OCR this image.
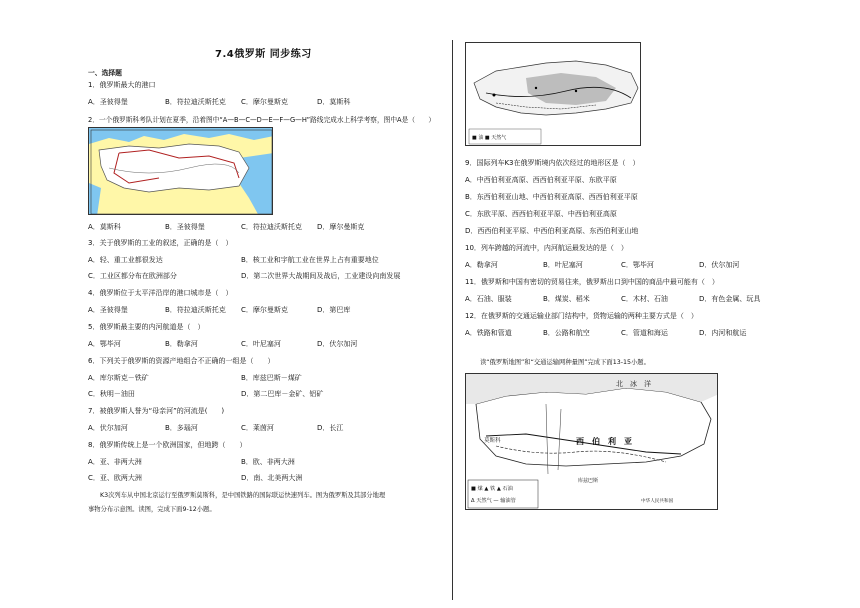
7.4俄罗斯 同步练习
一、选择题
1．俄罗斯最大的港口
A．圣彼得堡	B．符拉迪沃斯托克 C．摩尔曼斯克	D．莫斯科
2．一个俄罗斯科考队计划在夏季，沿着图中“A—B—C—D—E—F—G—H”路线完成水上科学考察，图中A是（　　）
A．莫斯科	B．圣彼得堡	C．符拉迪沃斯托克 D．摩尔曼斯克
3．关于俄罗斯的工业的叙述，正确的是（　）
A．轻、重工业都很发达	B．核工业和宇航工业在世界上占有重要地位
C．工业区都分布在欧洲部分	D．第二次世界大战期间及战后，工业建设向南发展
4．俄罗斯位于太平洋沿岸的港口城市是（　）
A．圣彼得堡	B．符拉迪沃斯托克 C．摩尔曼斯克	D．第巴库
5．俄罗斯最主要的内河航道是（　）
A．鄂毕河	B．勒拿河	C．叶尼塞河	D．伏尔加河
6．下列关于俄罗斯的资源产地组合不正确的一组是（　　）
A．库尔斯克－铁矿	B．库兹巴斯－煤矿
C．秋明－油田	D．第二巴库－金矿、铝矿
7．被俄罗斯人誉为“母亲河”的河流是(　　)
A．伏尔加河	B．多瑙河	C．莱茵河	D．长江
8．俄罗斯传统上是一个欧洲国家，但地跨（　　）
A．亚、非两大洲	B．欧、非两大洲
C．亚、欧两大洲	D．南、北美两大洲
K3次列车从中国北京运行至俄罗斯莫斯科，是中国铁路的国际联运快速列车。图为俄罗斯及其部分地理
事物分布示意图。读图，完成下面9-12小题。
■ 油 ■ 天然气
9．国际列车K3在俄罗斯境内依次经过的地形区是（　）
A．中西伯利亚高原、西西伯利亚平原、东欧平原
B．东西伯利亚山地、中西伯利亚高原、西西伯利亚平原
C．东欧平原、西西伯利亚平原、中西伯利亚高原
D．西西伯利亚平原、中西伯利亚高原、东西伯利亚山地
10．列车跨越的河流中，内河航运最发达的是（　）
A．勒拿河	B．叶尼塞河	C．鄂毕河	D．伏尔加河
11．俄罗斯和中国有密切的贸易往来，俄罗斯出口到中国的商品中最可能有（　）
A．石油、服装	B．煤炭、稻米	C．木材、石油	D．有色金属、玩具
12．在俄罗斯的交通运输业部门结构中，货物运输的两种主要方式是（　）
A．铁路和管道	B．公路和航空	C．管道和海运	D．内河和航运
读“俄罗斯地图”和“交通运输网种量图”完成下面13-15小题。
北　冰　洋
西　伯　利　亚
莫斯科
库兹巴斯
中华人民共和国
■ 煤 ▲ 铁 ▲ 石油
Δ 天然气 — 输油管
